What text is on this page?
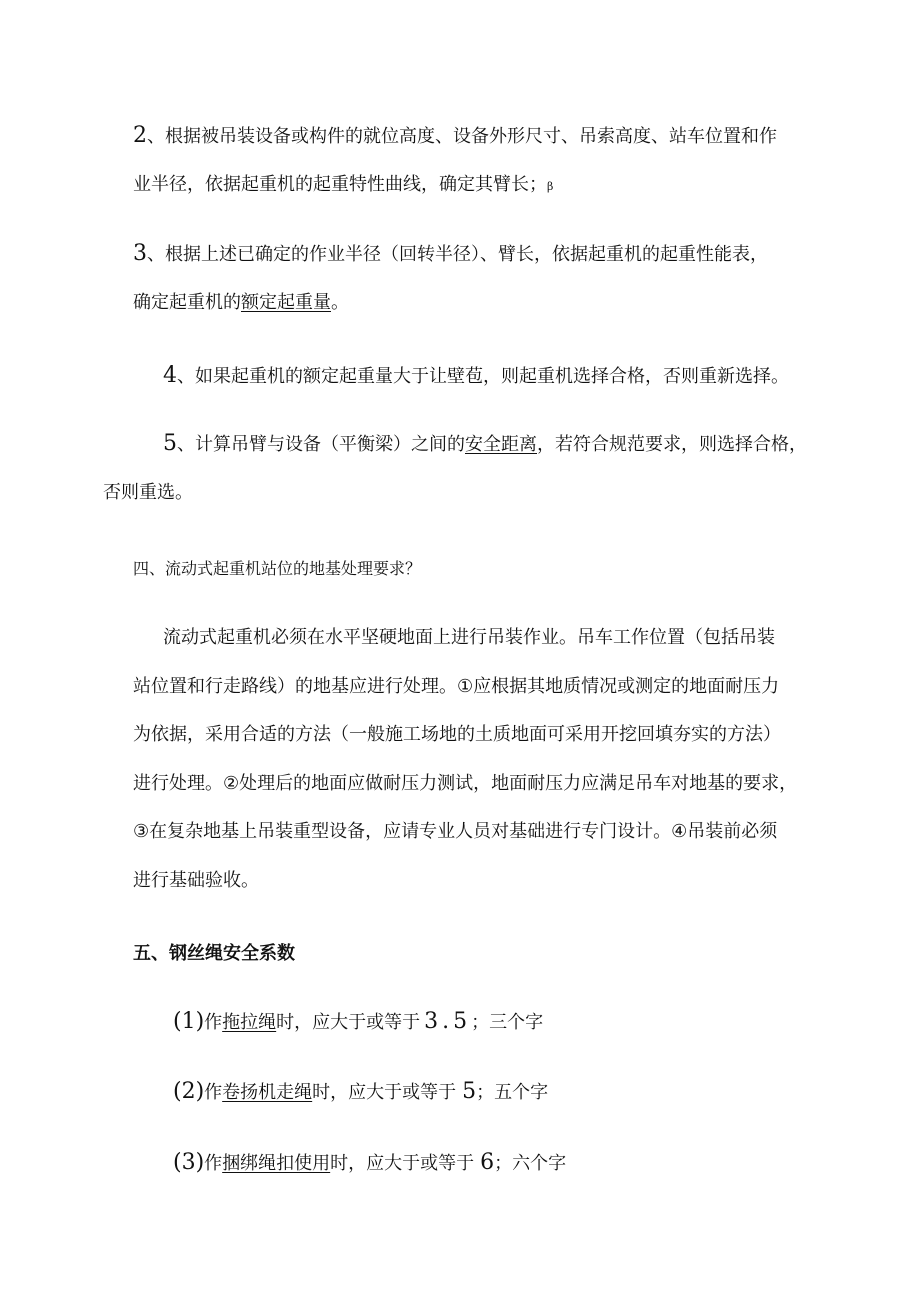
2、根据被吊装设备或构件的就位高度、设备外形尺寸、吊索高度、站车位置和作
业半径，依据起重机的起重特性曲线，确定其臂长；β
3、根据上述已确定的作业半径（回转半径）、臂长，依据起重机的起重性能表，
确定起重机的额定起重量。
4、如果起重机的额定起重量大于让壁苞，则起重机选择合格，否则重新选择。
5、计算吊臂与设备（平衡梁）之间的安全距离，若符合规范要求，则选择合格，
否则重选。
四、流动式起重机站位的地基处理要求？
流动式起重机必须在水平坚硬地面上进行吊装作业。吊车工作位置（包括吊装
站位置和行走路线）的地基应进行处理。①应根据其地质情况或测定的地面耐压力
为依据，采用合适的方法（一般施工场地的土质地面可采用开挖回填夯实的方法）
进行处理。②处理后的地面应做耐压力测试，地面耐压力应满足吊车对地基的要求，
③在复杂地基上吊装重型设备，应请专业人员对基础进行专门设计。④吊装前必须
进行基础验收。
五、钢丝绳安全系数
(1)作拖拉绳时，应大于或等于 3.5；三个字
(2)作卷扬机走绳时，应大于或等于 5；五个字
(3)作捆绑绳扣使用时，应大于或等于 6；六个字
